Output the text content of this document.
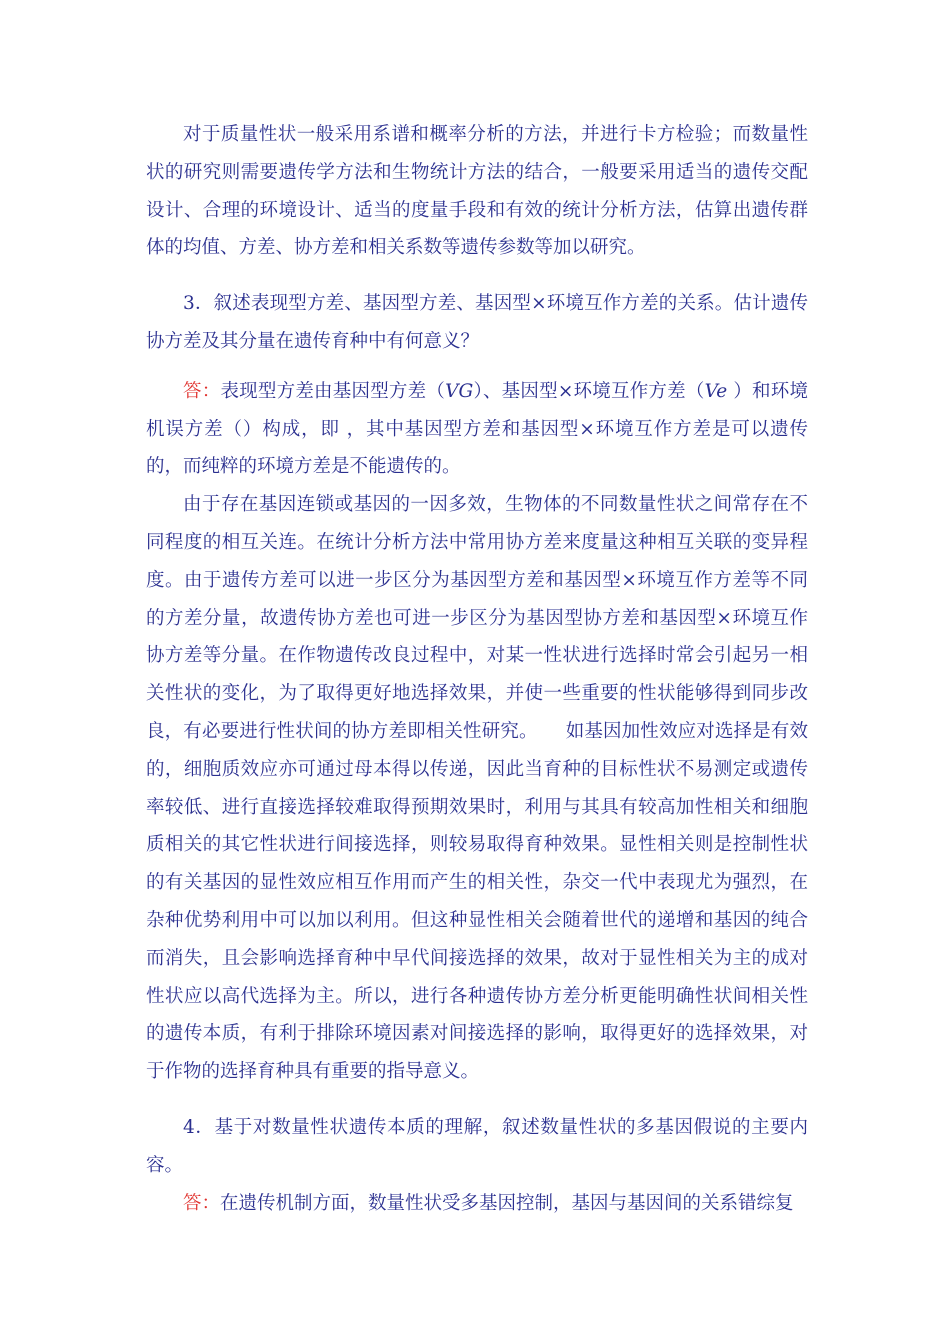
对于质量性状一般采用系谱和概率分析的方法，并进行卡方检验；而数量性状的研究则需要遗传学方法和生物统计方法的结合，一般要采用适当的遗传交配设计、合理的环境设计、适当的度量手段和有效的统计分析方法，估算出遗传群体的均值、方差、协方差和相关系数等遗传参数等加以研究。

3．叙述表现型方差、基因型方差、基因型×环境互作方差的关系。估计遗传协方差及其分量在遗传育种中有何意义？

答：表现型方差由基因型方差（VG）、基因型×环境互作方差（Ve ）和环境机误方差（）构成，即 ，其中基因型方差和基因型×环境互作方差是可以遗传的，而纯粹的环境方差是不能遗传的。

由于存在基因连锁或基因的一因多效，生物体的不同数量性状之间常存在不同程度的相互关连。在统计分析方法中常用协方差来度量这种相互关联的变异程度。由于遗传方差可以进一步区分为基因型方差和基因型×环境互作方差等不同的方差分量，故遗传协方差也可进一步区分为基因型协方差和基因型×环境互作协方差等分量。在作物遗传改良过程中，对某一性状进行选择时常会引起另一相关性状的变化，为了取得更好地选择效果，并使一些重要的性状能够得到同步改良，有必要进行性状间的协方差即相关性研究。　　如基因加性效应对选择是有效的，细胞质效应亦可通过母本得以传递，因此当育种的目标性状不易测定或遗传率较低、进行直接选择较难取得预期效果时，利用与其具有较高加性相关和细胞质相关的其它性状进行间接选择，则较易取得育种效果。显性相关则是控制性状的有关基因的显性效应相互作用而产生的相关性，杂交一代中表现尤为强烈，在杂种优势利用中可以加以利用。但这种显性相关会随着世代的递增和基因的纯合而消失，且会影响选择育种中早代间接选择的效果，故对于显性相关为主的成对性状应以高代选择为主。所以，进行各种遗传协方差分析更能明确性状间相关性的遗传本质，有利于排除环境因素对间接选择的影响，取得更好的选择效果，对于作物的选择育种具有重要的指导意义。

4．基于对数量性状遗传本质的理解，叙述数量性状的多基因假说的主要内容。

答：在遗传机制方面，数量性状受多基因控制，基因与基因间的关系错综复
